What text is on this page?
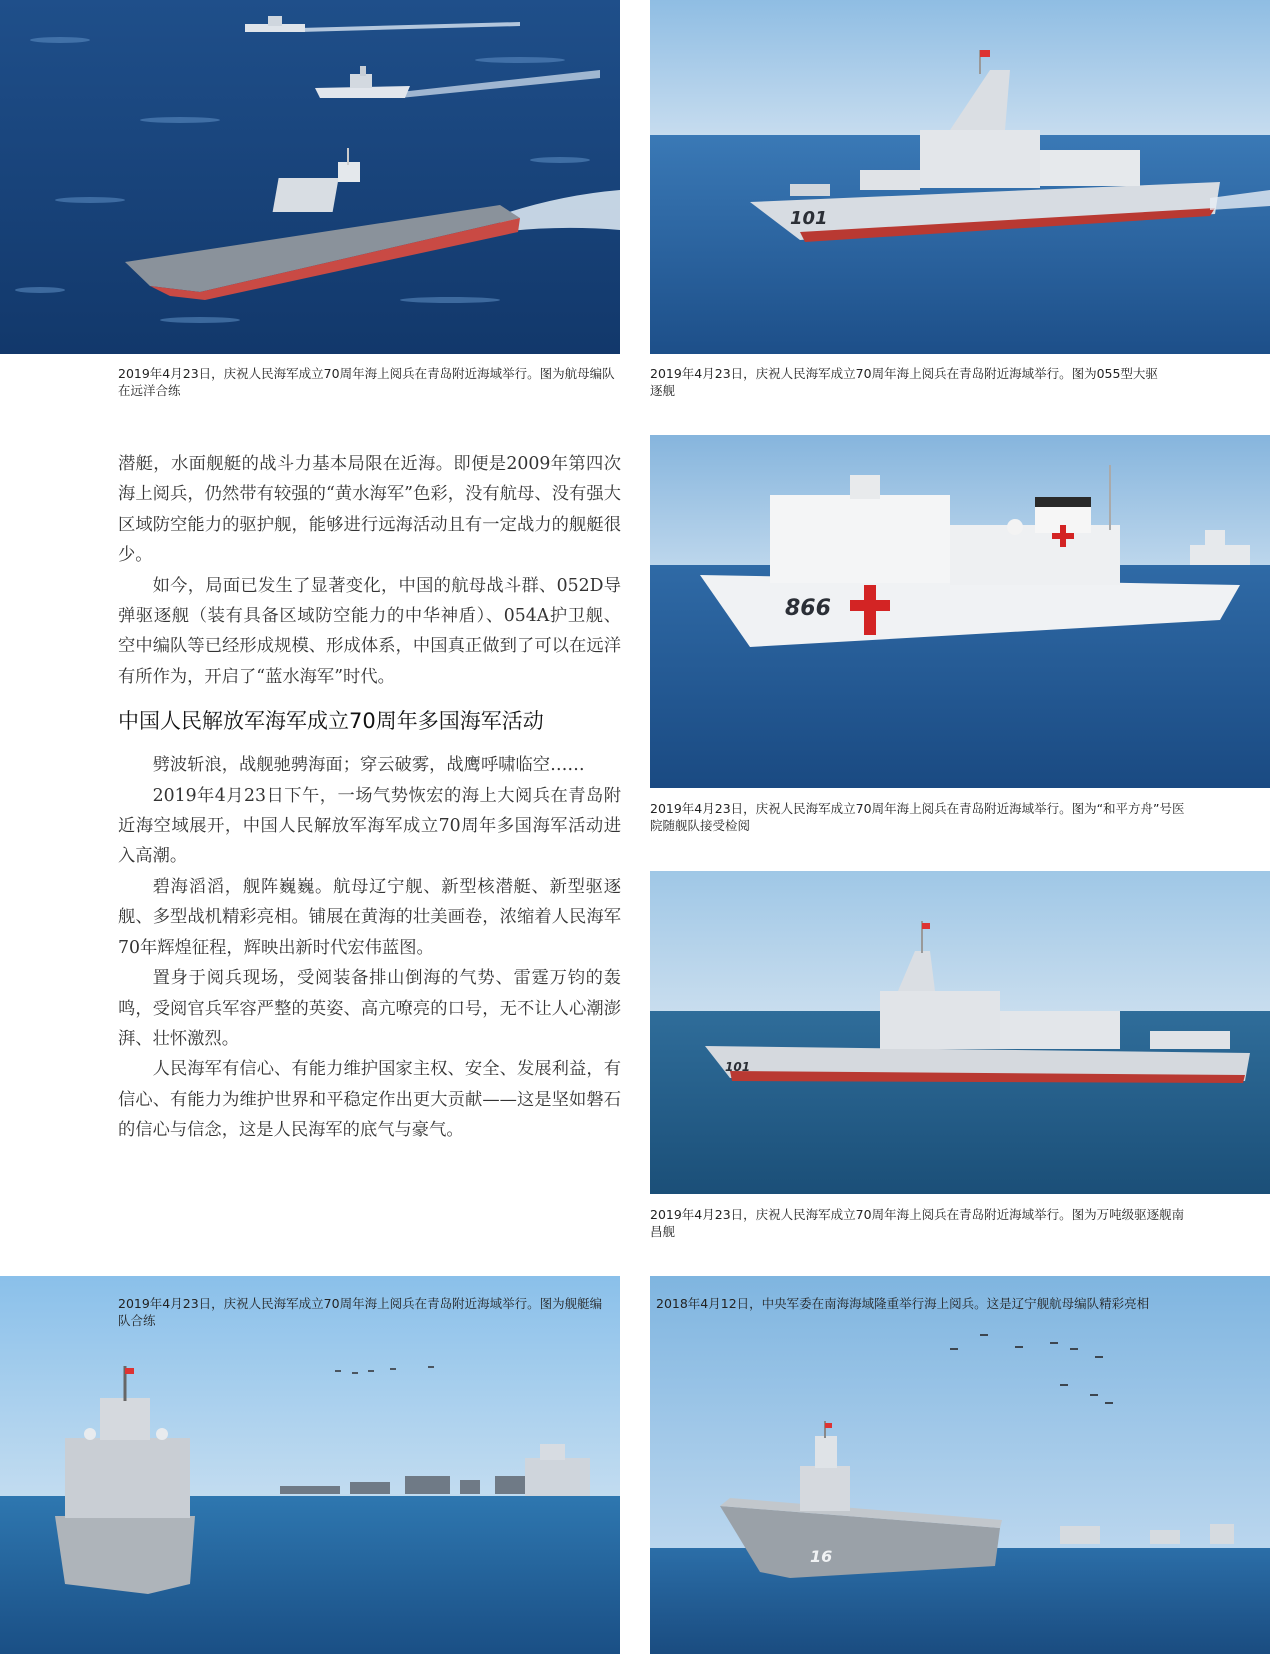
2019年4月23日，庆祝人民海军成立70周年海上阅兵在青岛附近海域举行。图为航母编队在远洋合练
101
2019年4月23日，庆祝人民海军成立70周年海上阅兵在青岛附近海域举行。图为055型大驱逐舰

潜艇，水面舰艇的战斗力基本局限在近海。即便是2009年第四次海上阅兵，仍然带有较强的“黄水海军”色彩，没有航母、没有强大区域防空能力的驱护舰，能够进行远海活动且有一定战力的舰艇很少。

如今，局面已发生了显著变化，中国的航母战斗群、052D导弹驱逐舰（装有具备区域防空能力的中华神盾）、054A护卫舰、空中编队等已经形成规模、形成体系，中国真正做到了可以在远洋有所作为，开启了“蓝水海军”时代。

中国人民解放军海军成立70周年多国海军活动

劈波斩浪，战舰驰骋海面；穿云破雾，战鹰呼啸临空……

2019年4月23日下午，一场气势恢宏的海上大阅兵在青岛附近海空域展开，中国人民解放军海军成立70周年多国海军活动进入高潮。

碧海滔滔，舰阵巍巍。航母辽宁舰、新型核潜艇、新型驱逐舰、多型战机精彩亮相。铺展在黄海的壮美画卷，浓缩着人民海军70年辉煌征程，辉映出新时代宏伟蓝图。

置身于阅兵现场，受阅装备排山倒海的气势、雷霆万钧的轰鸣，受阅官兵军容严整的英姿、高亢嘹亮的口号，无不让人心潮澎湃、壮怀激烈。

人民海军有信心、有能力维护国家主权、安全、发展利益，有信心、有能力为维护世界和平稳定作出更大贡献——这是坚如磐石的信心与信念，这是人民海军的底气与豪气。

866
2019年4月23日，庆祝人民海军成立70周年海上阅兵在青岛附近海域举行。图为“和平方舟”号医院随舰队接受检阅
101
2019年4月23日，庆祝人民海军成立70周年海上阅兵在青岛附近海域举行。图为万吨级驱逐舰南昌舰
2019年4月23日，庆祝人民海军成立70周年海上阅兵在青岛附近海域举行。图为舰艇编队合练
16
2018年4月12日，中央军委在南海海域隆重举行海上阅兵。这是辽宁舰航母编队精彩亮相
